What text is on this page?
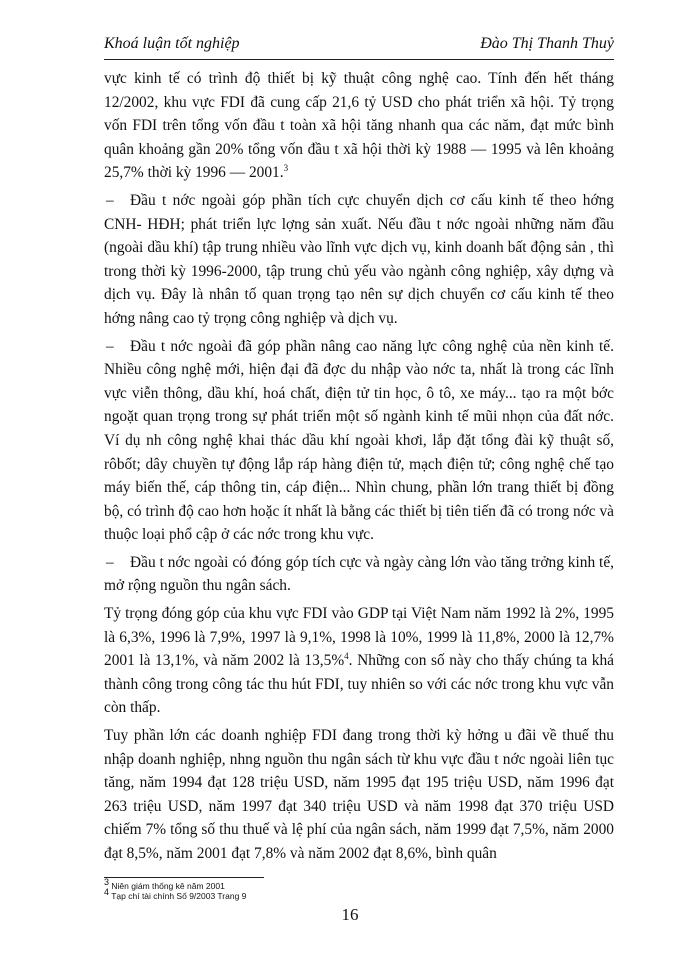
Khoá luận tốt nghiệp	Đào Thị Thanh Thuỷ

vực kinh tế có trình độ thiết bị kỹ thuật công nghệ cao. Tính đến hết tháng 12/2002, khu vực FDI đã cung cấp 21,6 tỷ USD cho phát triển xã hội. Tỷ trọng vốn FDI trên tổng vốn đầu t toàn xã hội tăng nhanh qua các năm, đạt mức bình quân khoảng gần 20% tổng vốn đầu t xã hội thời kỳ 1988 — 1995 và lên khoảng 25,7% thời kỳ 1996 — 2001.$^3$

– Đầu t nớc ngoài góp phần tích cực chuyển dịch cơ cấu kinh tế theo hớng CNH- HĐH; phát triển lực lợng sản xuất. Nếu đầu t nớc ngoài những năm đầu (ngoài dầu khí) tập trung nhiều vào lĩnh vực dịch vụ, kinh doanh bất động sản , thì trong thời kỳ 1996-2000, tập trung chủ yếu vào ngành công nghiệp, xây dựng và dịch vụ. Đây là nhân tố quan trọng tạo nên sự dịch chuyển cơ cấu kinh tế theo hớng nâng cao tỷ trọng công nghiệp và dịch vụ.

– Đầu t nớc ngoài đã góp phần nâng cao năng lực công nghệ của nền kinh tế. Nhiều công nghệ mới, hiện đại đã đợc du nhập vào nớc ta, nhất là trong các lĩnh vực viễn thông, dầu khí, hoá chất, điện tử tin học, ô tô, xe máy... tạo ra một bớc ngoặt quan trọng trong sự phát triển một số ngành kinh tế mũi nhọn của đất nớc. Ví dụ nh công nghệ khai thác dầu khí ngoài khơi, lắp đặt tổng đài kỹ thuật số, rôbốt; dây chuyền tự động lắp ráp hàng điện tử, mạch điện tử; công nghệ chế tạo máy biến thế, cáp thông tin, cáp điện... Nhìn chung, phần lớn trang thiết bị đồng bộ, có trình độ cao hơn hoặc ít nhất là bằng các thiết bị tiên tiến đã có trong nớc và thuộc loại phổ cập ở các nớc trong khu vực.

– Đầu t nớc ngoài có đóng góp tích cực và ngày càng lớn vào tăng trởng kinh tế, mở rộng nguồn thu ngân sách.

Tỷ trọng đóng góp của khu vực FDI vào GDP tại Việt Nam năm 1992 là 2%, 1995 là 6,3%, 1996 là 7,9%, 1997 là 9,1%, 1998 là 10%, 1999 là 11,8%, 2000 là 12,7% 2001 là 13,1%, và năm 2002 là 13,5%$^4$. Những con số này cho thấy chúng ta khá thành công trong công tác thu hút FDI, tuy nhiên so với các nớc trong khu vực vẫn còn thấp.

Tuy phần lớn các doanh nghiệp FDI đang trong thời kỳ hởng u đãi về thuế thu nhập doanh nghiệp, nhng nguồn thu ngân sách từ khu vực đầu t nớc ngoài liên tục tăng, năm 1994 đạt 128 triệu USD, năm 1995 đạt 195 triệu USD, năm 1996 đạt 263 triệu USD, năm 1997 đạt 340 triệu USD và năm 1998 đạt 370 triệu USD chiếm 7% tổng số thu thuế và lệ phí của ngân sách, năm 1999 đạt 7,5%, năm 2000 đạt 8,5%, năm 2001 đạt 7,8% và năm 2002 đạt 8,6%, bình quân

$^3$ Niên giám thống kê năm 2001
$^4$ Tạp chí tài chính Số 9/2003 Trang 9
16
